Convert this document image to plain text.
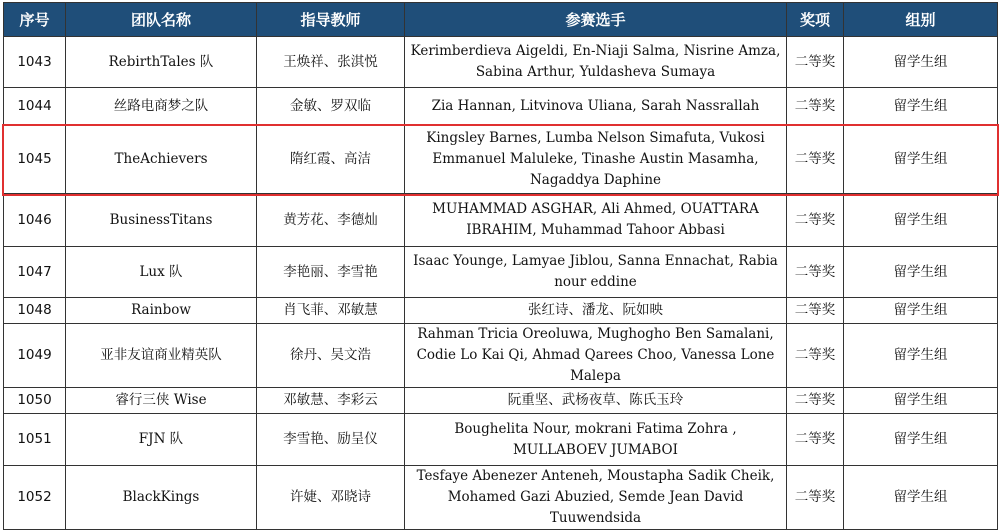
序号	团队名称	指导教师	参赛选手	奖项	组别
1043	RebirthTales 队	王焕祥、张淇悦	Kerimberdieva Aigeldi, En-Niaji Salma, Nisrine Amza, Sabina Arthur, Yuldasheva Sumaya	二等奖	留学生组
1044	丝路电商梦之队	金敏、罗双临	Zia Hannan, Litvinova Uliana, Sarah Nassrallah	二等奖	留学生组
1045	TheAchievers	隋红霞、高洁	Kingsley Barnes, Lumba Nelson Simafuta, Vukosi Emmanuel Maluleke, Tinashe Austin Masamha, Nagaddya Daphine	二等奖	留学生组
1046	BusinessTitans	黄芳花、李德灿	MUHAMMAD ASGHAR, Ali Ahmed, OUATTARA IBRAHIM, Muhammad Tahoor Abbasi	二等奖	留学生组
1047	Lux 队	李艳丽、李雪艳	Isaac Younge, Lamyae Jiblou, Sanna Ennachat, Rabia nour eddine	二等奖	留学生组
1048	Rainbow	肖飞菲、邓敏慧	张红诗、潘龙、阮如映	二等奖	留学生组
1049	亚非友谊商业精英队	徐丹、吴文浩	Rahman Tricia Oreoluwa, Mughogho Ben Samalani, Codie Lo Kai Qi, Ahmad Qarees Choo, Vanessa Lone Malepa	二等奖	留学生组
1050	睿行三侠 Wise	邓敏慧、李彩云	阮重坚、武杨夜草、陈氏玉玲	二等奖	留学生组
1051	FJN 队	李雪艳、励呈仪	Boughelita Nour, mokrani Fatima Zohra , MULLABOEV JUMABOI	二等奖	留学生组
1052	BlackKings	许婕、邓晓诗	Tesfaye Abenezer Anteneh, Moustapha Sadik Cheik, Mohamed Gazi Abuzied, Semde Jean David Tuuwendsida	二等奖	留学生组
